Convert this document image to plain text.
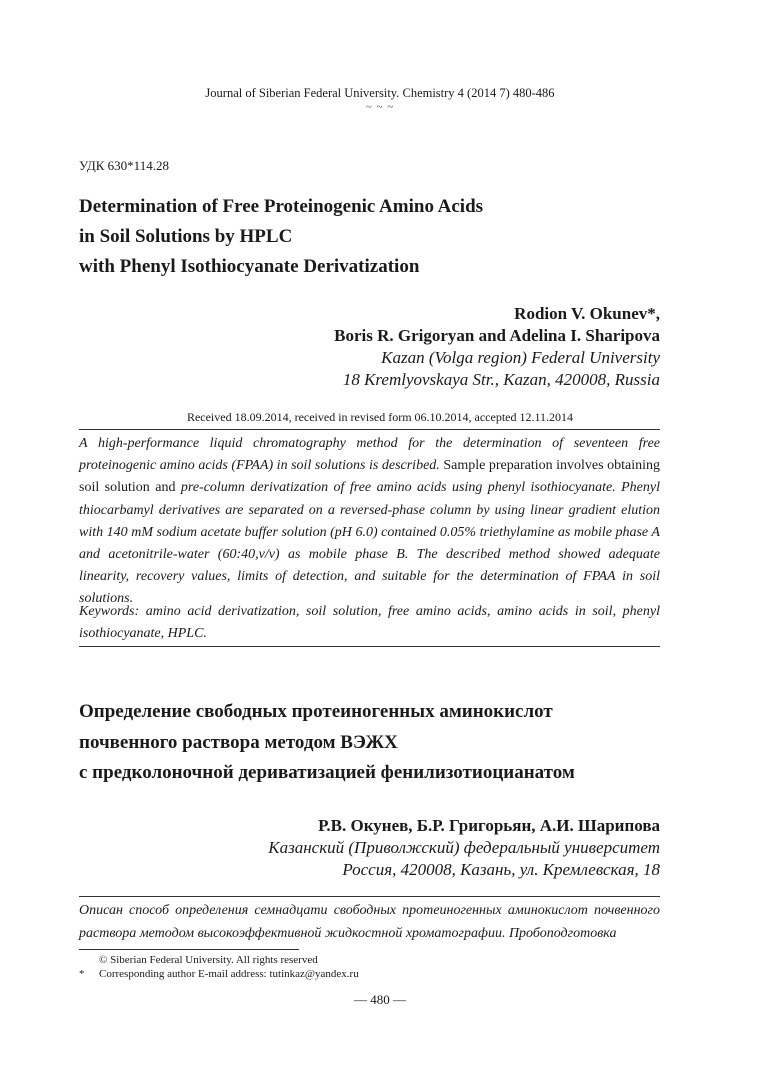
Journal of Siberian Federal University. Chemistry 4 (2014 7) 480-486
~ ~ ~
УДК 630*114.28
Determination of Free Proteinogenic Amino Acids
in Soil Solutions by HPLC
with Phenyl Isothiocyanate Derivatization
Rodion V. Okunev*,
Boris R. Grigoryan and Adelina I. Sharipova
Kazan (Volga region) Federal University
18 Kremlyovskaya Str., Kazan, 420008, Russia
Received 18.09.2014, received in revised form 06.10.2014, accepted 12.11.2014
A high-performance liquid chromatography method for the determination of seventeen free proteinogenic amino acids (FPAA) in soil solutions is described. Sample preparation involves obtaining soil solution and pre-column derivatization of free amino acids using phenyl isothiocyanate. Phenyl thiocarbamyl derivatives are separated on a reversed-phase column by using linear gradient elution with 140 mM sodium acetate buffer solution (pH 6.0) contained 0.05% triethylamine as mobile phase A and acetonitrile-water (60:40,v/v) as mobile phase B. The described method showed adequate linearity, recovery values, limits of detection, and suitable for the determination of FPAA in soil solutions.
Keywords: amino acid derivatization, soil solution, free amino acids, amino acids in soil, phenyl isothiocyanate, HPLC.
Определение свободных протеиногенных аминокислот
почвенного раствора методом ВЭЖХ
с предколоночной дериватизацией фенилизотиоцианатом
Р.В. Окунев, Б.Р. Григорьян, А.И. Шарипова
Казанский (Приволжский) федеральный университет
Россия, 420008, Казань, ул. Кремлевская, 18
Описан способ определения семнадцати свободных протеиногенных аминокислот почвенного раствора методом высокоэффективной жидкостной хроматографии. Пробоподготовка
© Siberian Federal University. All rights reserved
* Corresponding author E-mail address: tutinkaz@yandex.ru
— 480 —
